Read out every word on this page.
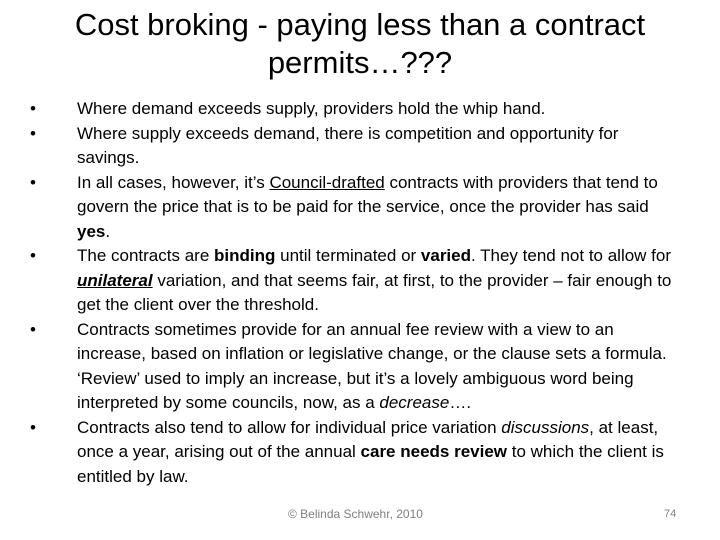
Cost broking - paying less than a contract
permits…???
•	Where demand exceeds supply, providers hold the whip hand.
•	Where supply exceeds demand, there is competition and opportunity for savings.
•	In all cases, however, it’s Council-drafted contracts with providers that tend to govern the price that is to be paid for the service, once the provider has said yes.
•	The contracts are binding until terminated or varied. They tend not to allow for unilateral variation, and that seems fair, at first, to the provider – fair enough to get the client over the threshold.
•	Contracts sometimes provide for an annual fee review with a view to an increase, based on inflation or legislative change, or the clause sets a formula. ‘Review’ used to imply an increase, but it’s a lovely ambiguous word being interpreted by some councils, now, as a decrease….
•	Contracts also tend to allow for individual price variation discussions, at least, once a year, arising out of the annual care needs review to which the client is entitled by law.
© Belinda Schwehr, 2010	74
